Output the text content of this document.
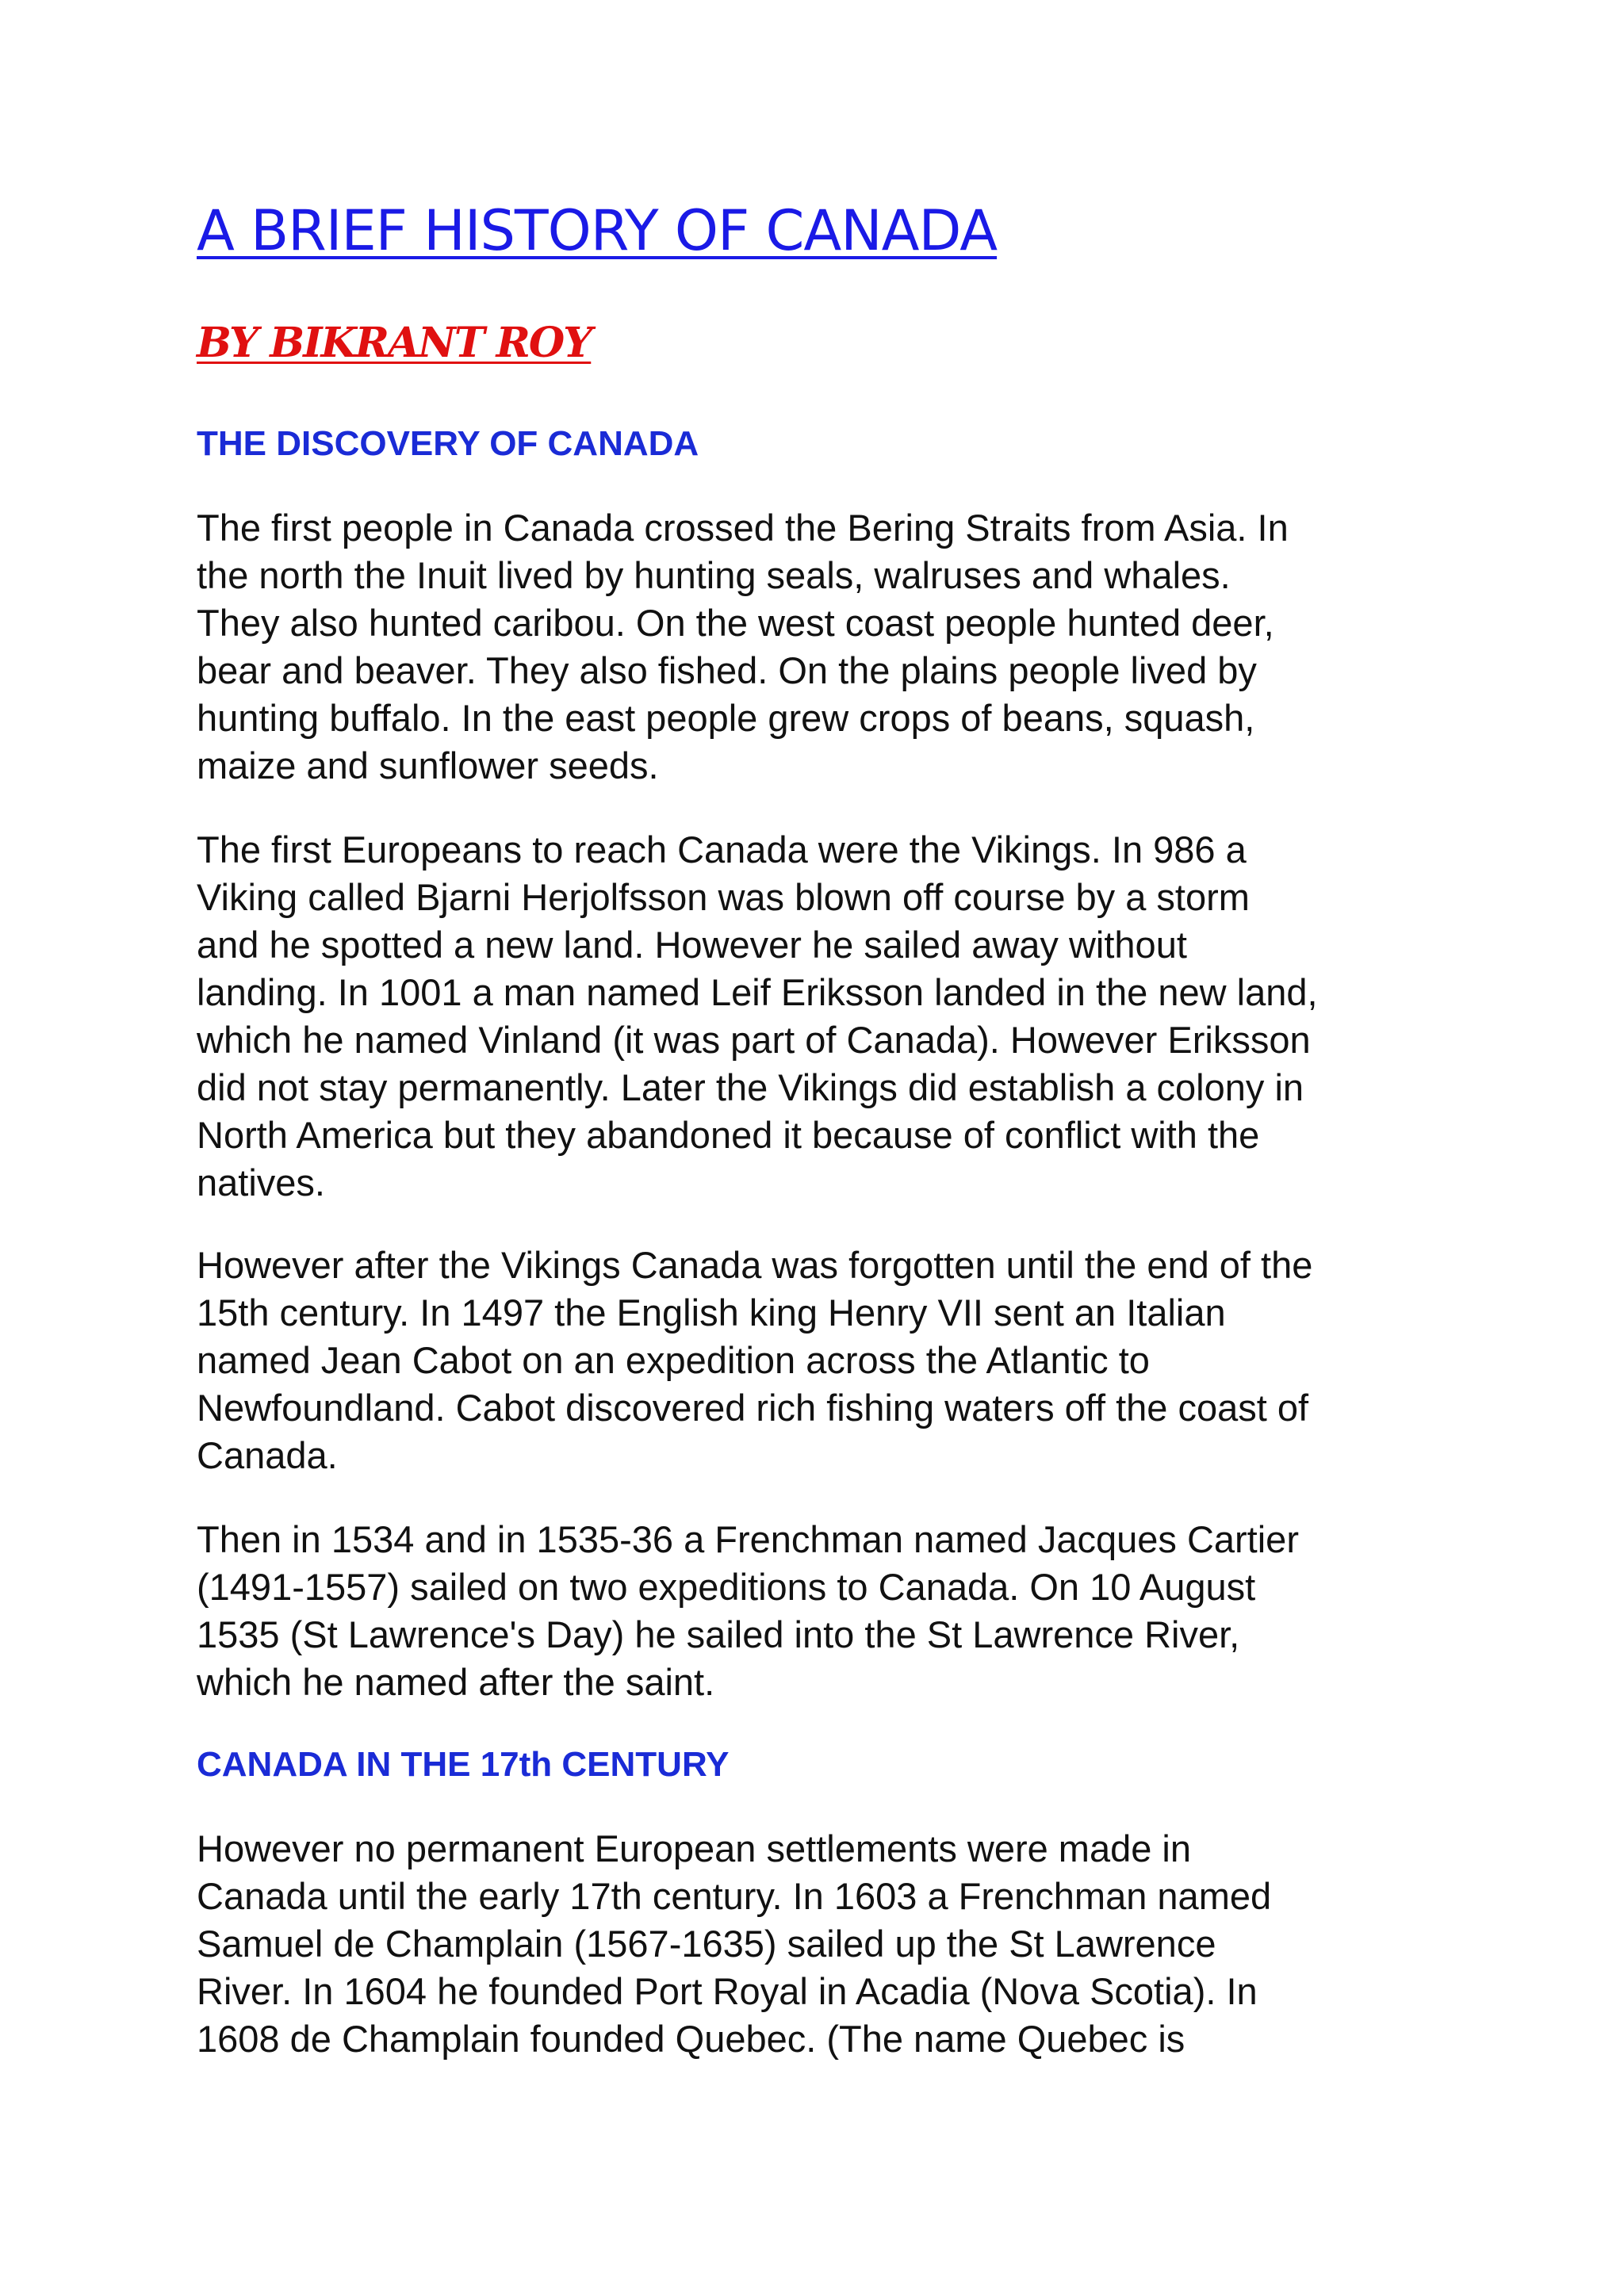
A BRIEF HISTORY OF CANADA
BY BIKRANT ROY
THE DISCOVERY OF CANADA
The first people in Canada crossed the Bering Straits from Asia. In
the north the Inuit lived by hunting seals, walruses and whales.
They also hunted caribou. On the west coast people hunted deer,
bear and beaver. They also fished. On the plains people lived by
hunting buffalo. In the east people grew crops of beans, squash,
maize and sunflower seeds.
The first Europeans to reach Canada were the Vikings. In 986 a
Viking called Bjarni Herjolfsson was blown off course by a storm
and he spotted a new land. However he sailed away without
landing. In 1001 a man named Leif Eriksson landed in the new land,
which he named Vinland (it was part of Canada). However Eriksson
did not stay permanently. Later the Vikings did establish a colony in
North America but they abandoned it because of conflict with the
natives.
However after the Vikings Canada was forgotten until the end of the
15th century. In 1497 the English king Henry VII sent an Italian
named Jean Cabot on an expedition across the Atlantic to
Newfoundland. Cabot discovered rich fishing waters off the coast of
Canada.
Then in 1534 and in 1535-36 a Frenchman named Jacques Cartier
(1491-1557) sailed on two expeditions to Canada. On 10 August
1535 (St Lawrence's Day) he sailed into the St Lawrence River,
which he named after the saint.
CANADA IN THE 17th CENTURY
However no permanent European settlements were made in
Canada until the early 17th century. In 1603 a Frenchman named
Samuel de Champlain (1567-1635) sailed up the St Lawrence
River. In 1604 he founded Port Royal in Acadia (Nova Scotia). In
1608 de Champlain founded Quebec. (The name Quebec is
